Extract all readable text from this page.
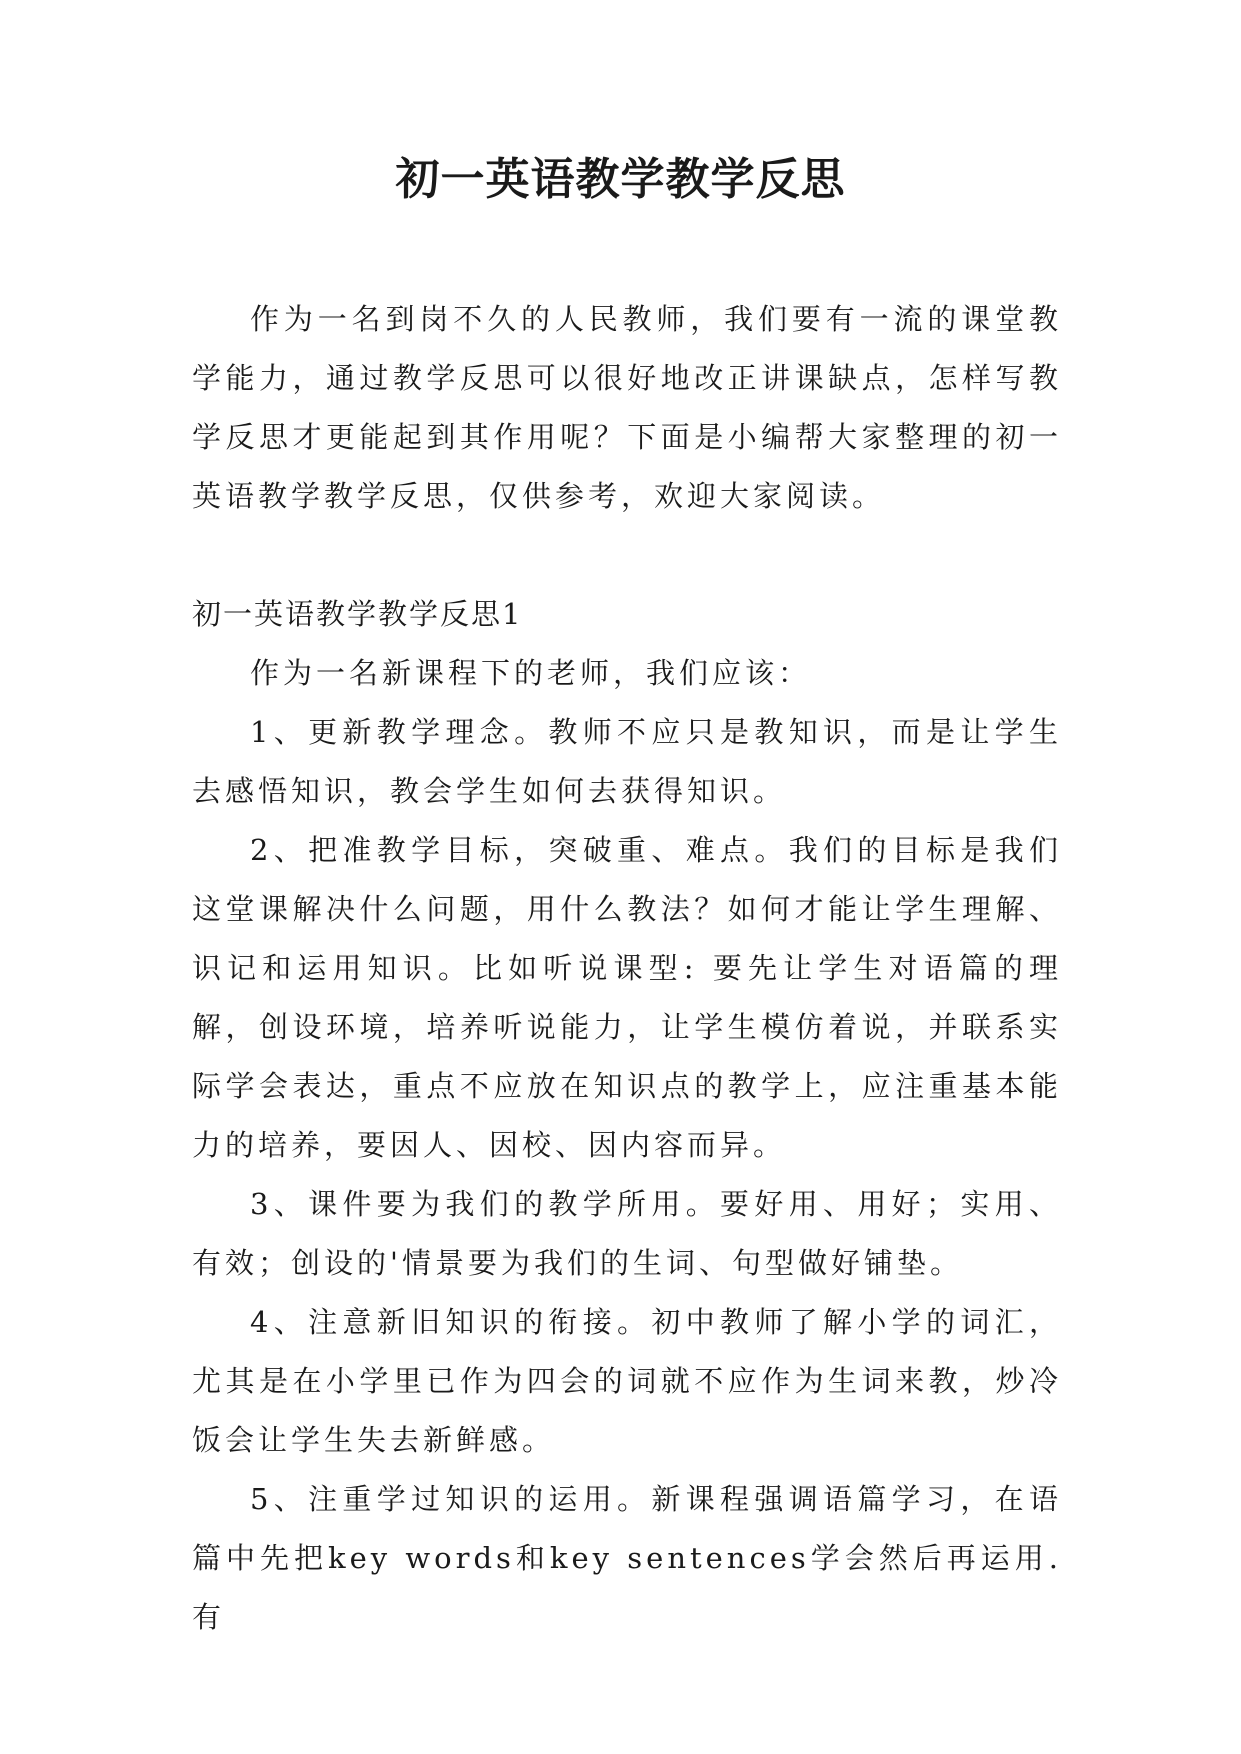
初一英语教学教学反思

作为一名到岗不久的人民教师，我们要有一流的课堂教学能力，通过教学反思可以很好地改正讲课缺点，怎样写教学反思才更能起到其作用呢？下面是小编帮大家整理的初一英语教学教学反思，仅供参考，欢迎大家阅读。

初一英语教学教学反思1

作为一名新课程下的老师，我们应该：

1、更新教学理念。教师不应只是教知识，而是让学生去感悟知识，教会学生如何去获得知识。

2、把准教学目标，突破重、难点。我们的目标是我们这堂课解决什么问题，用什么教法？如何才能让学生理解、识记和运用知识。比如听说课型: 要先让学生对语篇的理解，创设环境，培养听说能力，让学生模仿着说，并联系实际学会表达，重点不应放在知识点的教学上，应注重基本能力的培养，要因人、因校、因内容而异。

3、课件要为我们的教学所用。要好用、用好；实用、有效；创设的'情景要为我们的生词、句型做好铺垫。

4、注意新旧知识的衔接。初中教师了解小学的词汇，尤其是在小学里已作为四会的词就不应作为生词来教，炒冷饭会让学生失去新鲜感。

5、注重学过知识的运用。新课程强调语篇学习，在语篇中先把key words和key sentences学会然后再运用.有
